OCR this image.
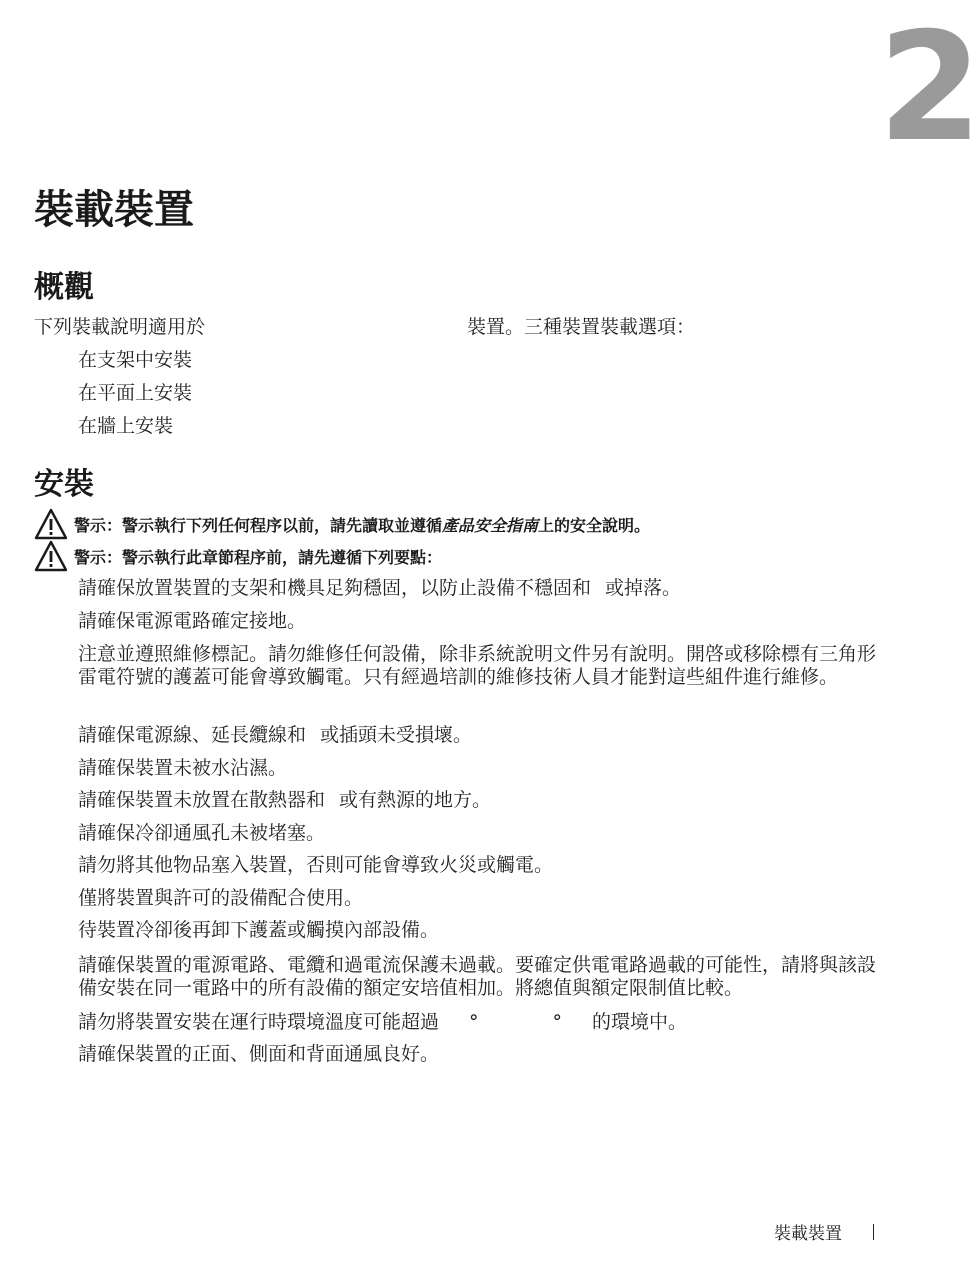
2
裝載裝置
概觀
下列裝載說明適用於	裝置。三種裝置裝載選項：
在支架中安裝
在平面上安裝
在牆上安裝
安裝
警示： 警示執行下列任何程序以前，請先讀取並遵循 產品安全指南 上的安全說明。
警示： 警示執行此章節程序前，請先遵循下列要點：
請確保放置裝置的支架和機具足夠穩固，以防止設備不穩固和 或掉落。
請確保電源電路確定接地。
注意並遵照維修標記。請勿維修任何設備，除非系統說明文件另有說明。開啓或移除標有三角形雷電符號的護蓋可能會導致觸電。只有經過培訓的維修技術人員才能對這些組件進行維修。
請確保電源線、延長纜線和 或插頭未受損壞。
請確保裝置未被水沾濕。
請確保裝置未放置在散熱器和 或有熱源的地方。
請確保冷卻通風孔未被堵塞。
請勿將其他物品塞入裝置，否則可能會導致火災或觸電。
僅將裝置與許可的設備配合使用。
待裝置冷卻後再卸下護蓋或觸摸內部設備。
請確保裝置的電源電路、電纜和過電流保護未過載。要確定供電電路過載的可能性，請將與該設備安裝在同一電路中的所有設備的額定安培值相加。將總值與額定限制值比較。
請勿將裝置安裝在運行時環境溫度可能超過 °	° 的環境中。
請確保裝置的正面、側面和背面通風良好。
裝載裝置
